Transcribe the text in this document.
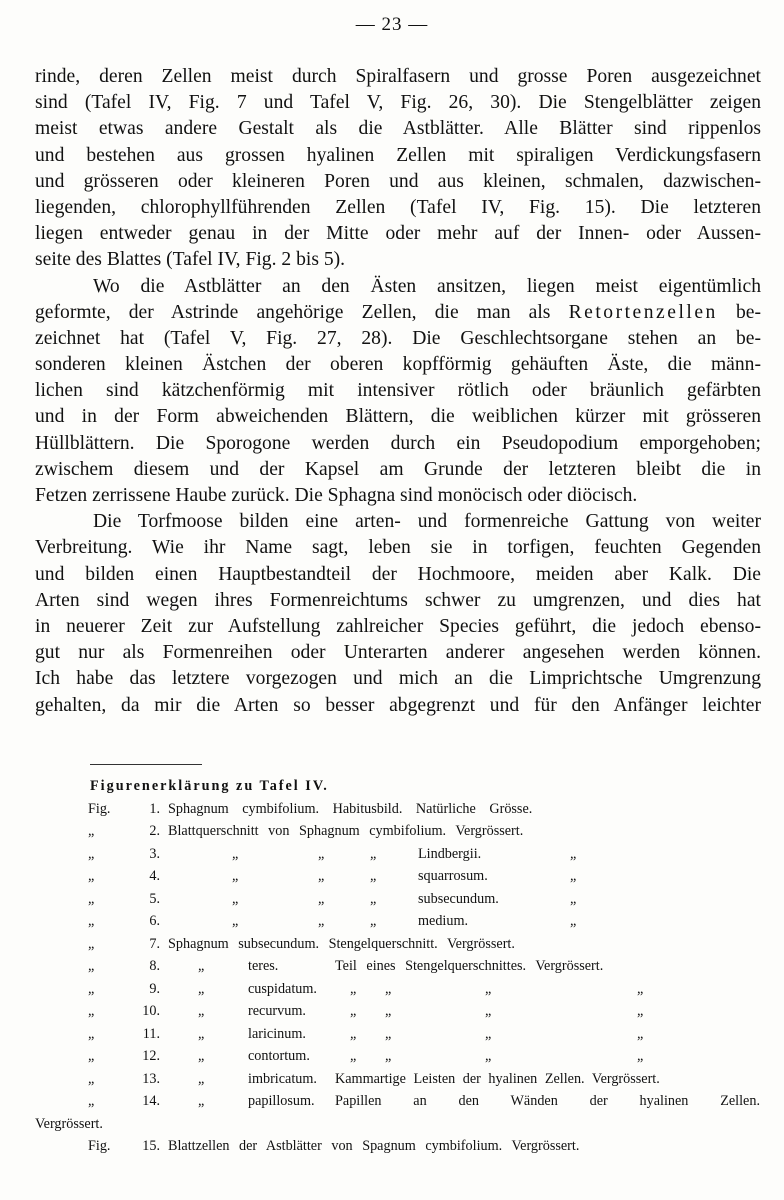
— 23 —
rinde, deren Zellen meist durch Spiralfasern und grosse Poren ausgezeichnet
sind (Tafel IV, Fig. 7 und Tafel V, Fig. 26, 30). Die Stengelblätter zeigen
meist etwas andere Gestalt als die Astblätter. Alle Blätter sind rippenlos
und bestehen aus grossen hyalinen Zellen mit spiraligen Verdickungsfasern
und grösseren oder kleineren Poren und aus kleinen, schmalen, dazwischen-
liegenden, chlorophyllführenden Zellen (Tafel IV, Fig. 15). Die letzteren
liegen entweder genau in der Mitte oder mehr auf der Innen- oder Aussen-
seite des Blattes (Tafel IV, Fig. 2 bis 5).
Wo die Astblätter an den Ästen ansitzen, liegen meist eigentümlich
geformte, der Astrinde angehörige Zellen, die man als Retortenzellen be-
zeichnet hat (Tafel V, Fig. 27, 28). Die Geschlechtsorgane stehen an be-
sonderen kleinen Ästchen der oberen kopfförmig gehäuften Äste, die männ-
lichen sind kätzchenförmig mit intensiver rötlich oder bräunlich gefärbten
und in der Form abweichenden Blättern, die weiblichen kürzer mit grösseren
Hüllblättern. Die Sporogone werden durch ein Pseudopodium emporgehoben;
zwischem diesem und der Kapsel am Grunde der letzteren bleibt die in
Fetzen zerrissene Haube zurück. Die Sphagna sind monöcisch oder diöcisch.
Die Torfmoose bilden eine arten- und formenreiche Gattung von weiter
Verbreitung. Wie ihr Name sagt, leben sie in torfigen, feuchten Gegenden
und bilden einen Hauptbestandteil der Hochmoore, meiden aber Kalk. Die
Arten sind wegen ihres Formenreichtums schwer zu umgrenzen, und dies hat
in neuerer Zeit zur Aufstellung zahlreicher Species geführt, die jedoch ebenso-
gut nur als Formenreihen oder Unterarten anderer angesehen werden können.
Ich habe das letztere vorgezogen und mich an die Limprichtsche Umgrenzung
gehalten, da mir die Arten so besser abgegrenzt und für den Anfänger leichter
Figurenerklärung zu Tafel IV.
Fig.	1. Sphagnum cymbifolium. Habitusbild. Natürliche Grösse.
„	2. Blattquerschnitt von Sphagnum cymbifolium. Vergrössert.
„	3.	„	„	„	Lindbergii.	„
„	4.	„	„	„	squarrosum.	„
„	5.	„	„	„	subsecundum.	„
„	6.	„	„	„	medium.	„
„	7. Sphagnum subsecundum. Stengelquerschnitt. Vergrössert.
„	8.	„	teres.	Teil eines Stengelquerschnittes. Vergrössert.
„	9.	„	cuspidatum. „ „	„	„
„	10.	„	recurvum.	„ „	„	„
„	11.	„	laricinum.	„ „	„	„
„	12.	„	contortum.	„ „	„	„
„	13.	„	imbricatum. Kammartige Leisten der hyalinen Zellen. Vergrössert.
„	14.	„	papillosum. Papillen an den Wänden der hyalinen Zellen.
Vergrössert.
Fig.	15. Blattzellen der Astblätter von Spagnum cymbifolium. Vergrössert.
